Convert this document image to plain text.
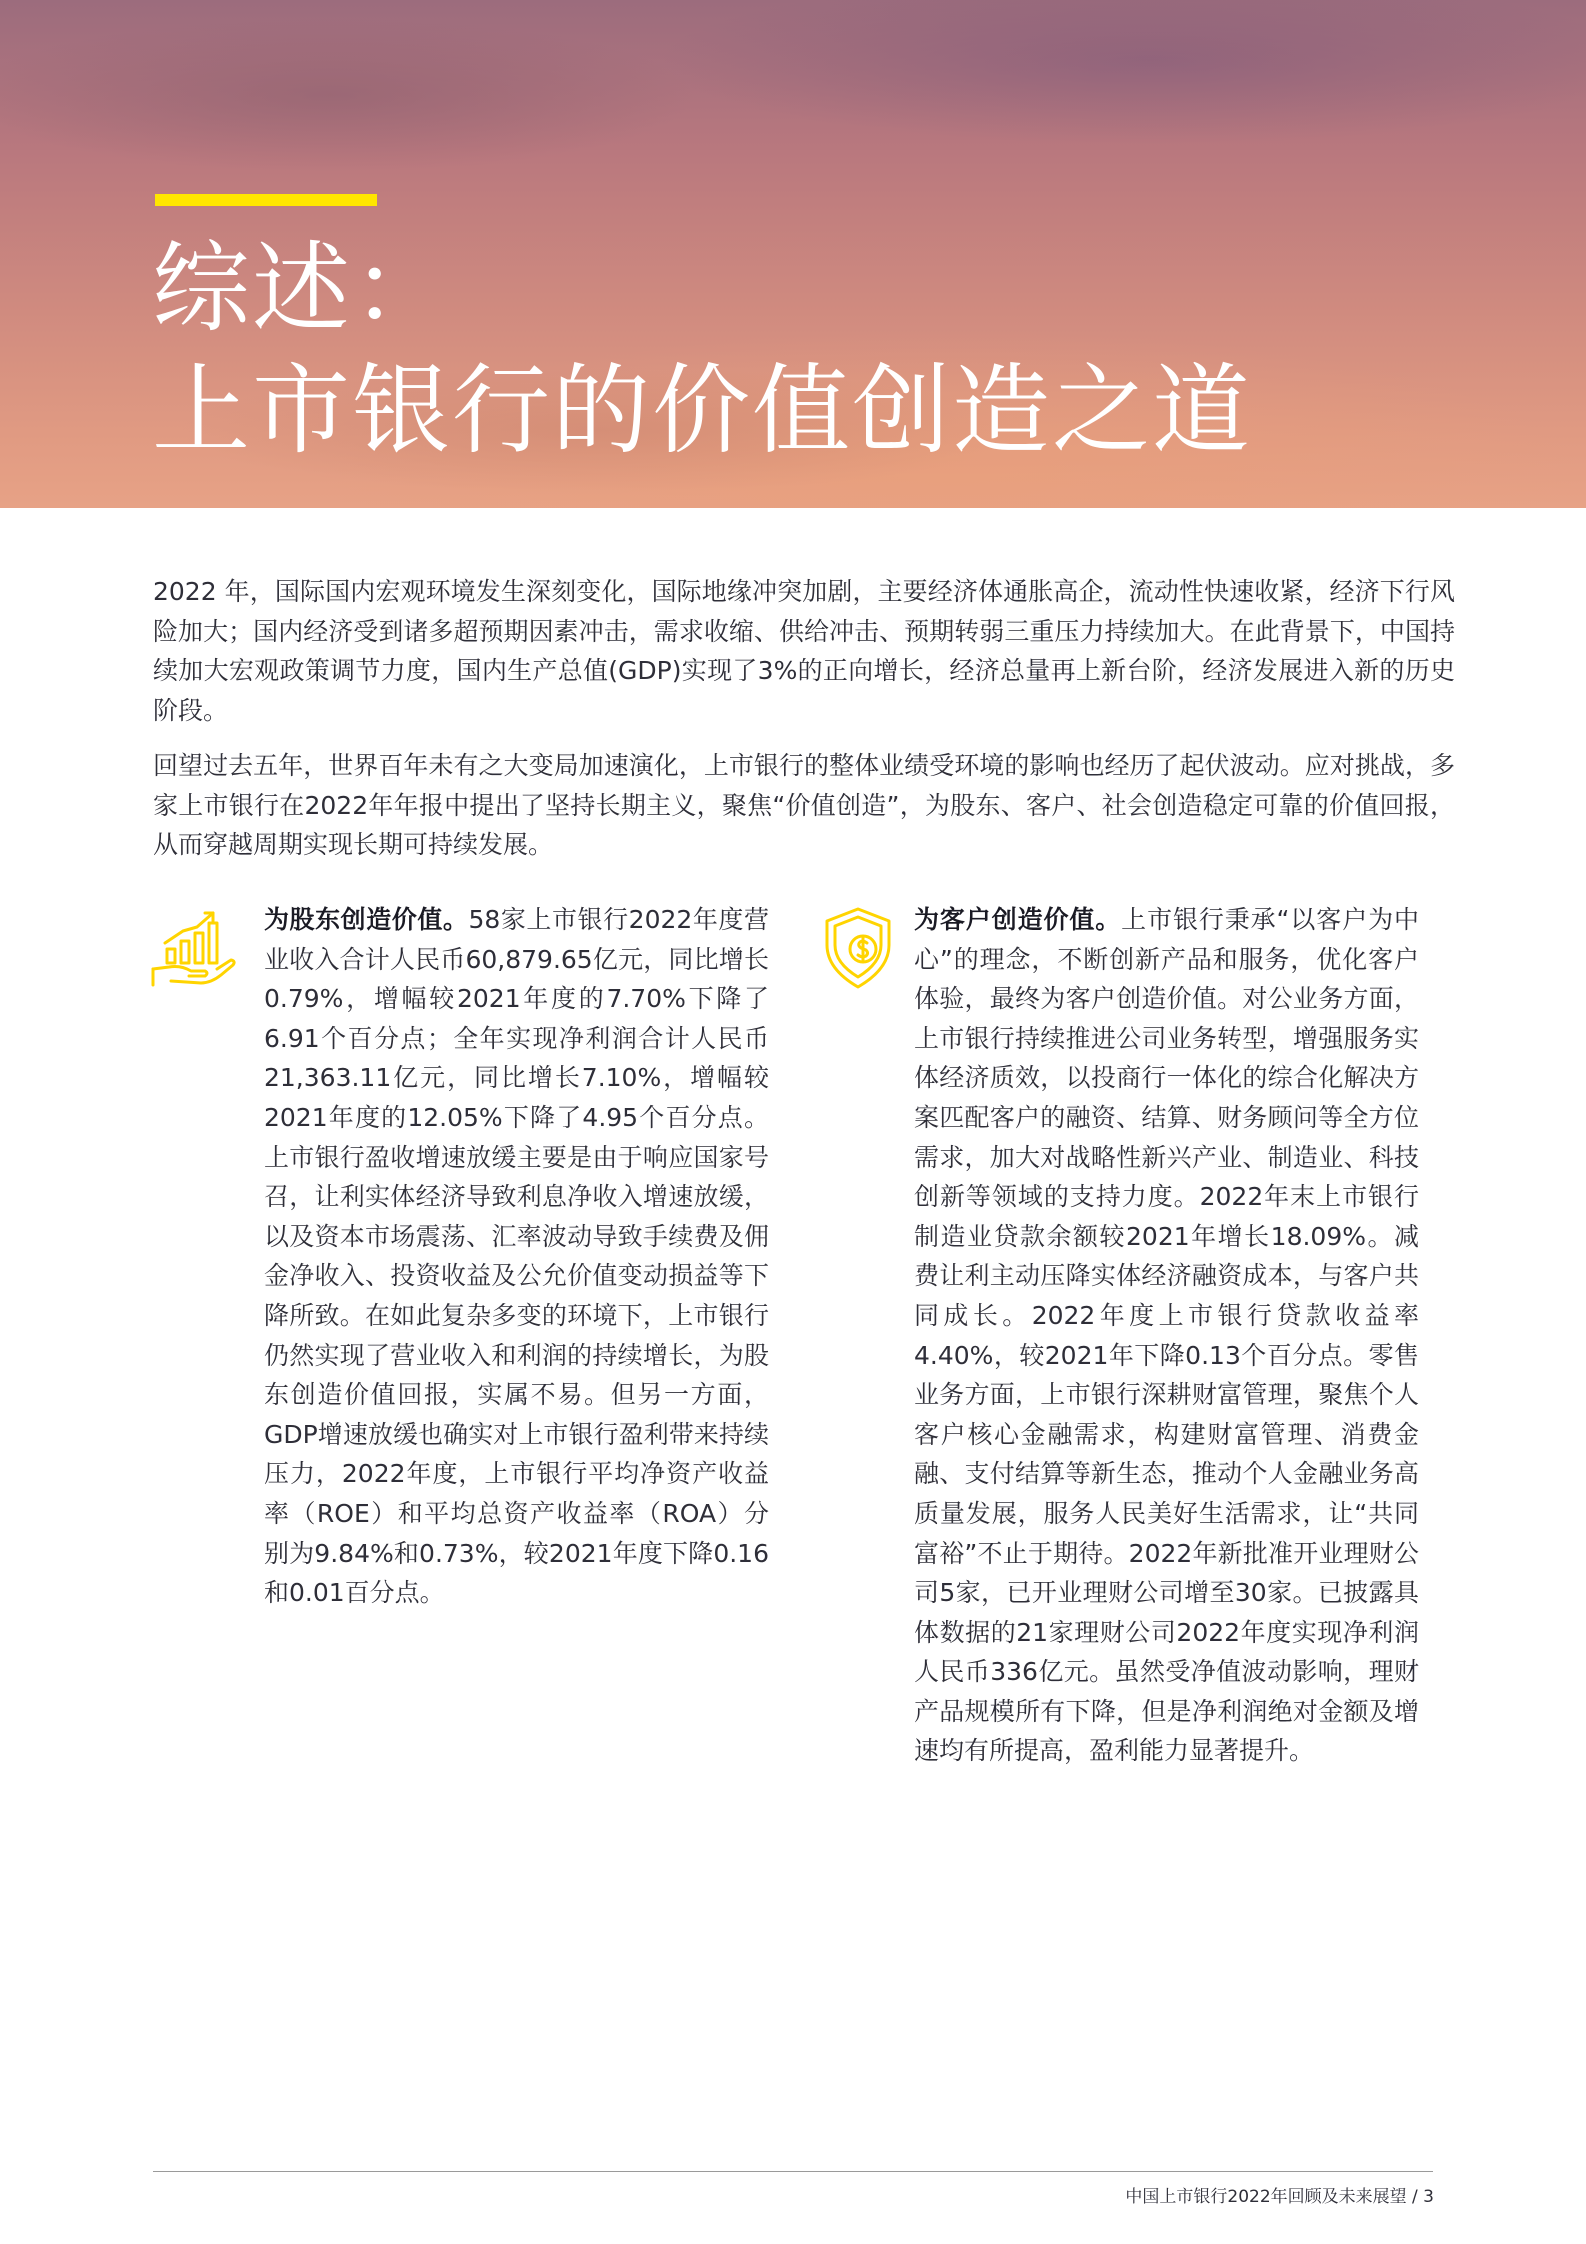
综述：
上市银行的价值创造之道

2022 年，国际国内宏观环境发生深刻变化，国际地缘冲突加剧，主要经济体通胀高企，流动性快速收紧，经济下行风险加大；国内经济受到诸多超预期因素冲击，需求收缩、供给冲击、预期转弱三重压力持续加大。在此背景下，中国持续加大宏观政策调节力度，国内生产总值(GDP)实现了3%的正向增长，经济总量再上新台阶，经济发展进入新的历史阶段。

回望过去五年，世界百年未有之大变局加速演化，上市银行的整体业绩受环境的影响也经历了起伏波动。应对挑战，多家上市银行在2022年年报中提出了坚持长期主义，聚焦“价值创造”，为股东、客户、社会创造稳定可靠的价值回报，从而穿越周期实现长期可持续发展。

为股东创造价值。58家上市银行2022年度营业收入合计人民币60,879.65亿元，同比增长0.79%，增幅较2021年度的7.70%下降了6.91个百分点；全年实现净利润合计人民币21,363.11亿元，同比增长7.10%，增幅较2021年度的12.05%下降了4.95个百分点。上市银行盈收增速放缓主要是由于响应国家号召，让利实体经济导致利息净收入增速放缓，以及资本市场震荡、汇率波动导致手续费及佣金净收入、投资收益及公允价值变动损益等下降所致。在如此复杂多变的环境下，上市银行仍然实现了营业收入和利润的持续增长，为股东创造价值回报，实属不易。但另一方面，GDP增速放缓也确实对上市银行盈利带来持续压力，2022年度，上市银行平均净资产收益率（ROE）和平均总资产收益率（ROA）分别为9.84%和0.73%，较2021年度下降0.16和0.01百分点。

为客户创造价值。上市银行秉承“以客户为中心”的理念，不断创新产品和服务，优化客户体验，最终为客户创造价值。对公业务方面，上市银行持续推进公司业务转型，增强服务实体经济质效，以投商行一体化的综合化解决方案匹配客户的融资、结算、财务顾问等全方位需求，加大对战略性新兴产业、制造业、科技创新等领域的支持力度。2022年末上市银行制造业贷款余额较2021年增长18.09%。减费让利主动压降实体经济融资成本，与客户共同成长。2022年度上市银行贷款收益率4.40%，较2021年下降0.13个百分点。零售业务方面，上市银行深耕财富管理，聚焦个人客户核心金融需求，构建财富管理、消费金融、支付结算等新生态，推动个人金融业务高质量发展，服务人民美好生活需求，让“共同富裕”不止于期待。2022年新批准开业理财公司5家，已开业理财公司增至30家。已披露具体数据的21家理财公司2022年度实现净利润人民币336亿元。虽然受净值波动影响，理财产品规模所有下降，但是净利润绝对金额及增速均有所提高，盈利能力显著提升。

中国上市银行2022年回顾及未来展望 / 3
